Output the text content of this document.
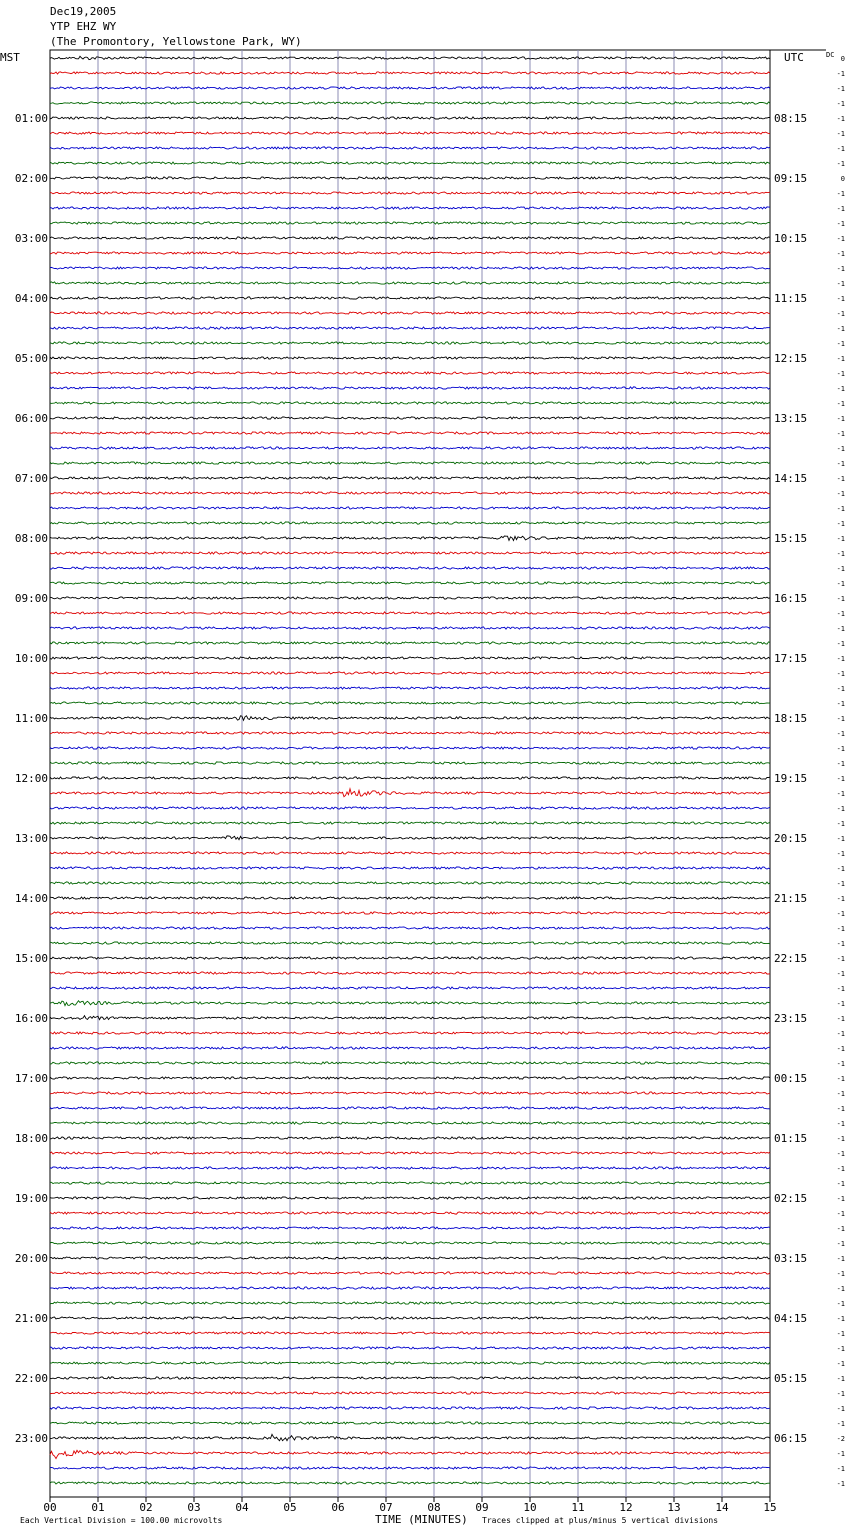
Dec19,2005
YTP EHZ WY
(The Promontory, Yellowstone Park, WY)
0
-1
-1
-1
-1
-1
-1
-1
0
-1
-1
-1
-1
-1
-1
-1
-1
-1
-1
-1
-1
-1
-1
-1
-1
-1
-1
-1
-1
-1
-1
-1
-1
-1
-1
-1
-1
-1
-1
-1
-1
-1
-1
-1
-1
-1
-1
-1
-1
-1
-1
-1
-1
-1
-1
-1
-1
-1
-1
-1
-1
-1
-1
-1
-1
-1
-1
-1
-1
-1
-1
-1
-1
-1
-1
-1
-1
-1
-1
-1
-1
-1
-1
-1
-1
-1
-1
-1
-1
-1
-1
-1
-2
-1
-1
-1
01:00	08:15
02:00	09:15
03:00	10:15
04:00	11:15
05:00	12:15
06:00	13:15
07:00	14:15
08:00	15:15
09:00	16:15
10:00	17:15
11:00	18:15
12:00	19:15
13:00	20:15
14:00	21:15
15:00	22:15
16:00	23:15
17:00	00:15
18:00	01:15
19:00	02:15
20:00	03:15
21:00	04:15
22:00	05:15
23:00	06:15
MST	UTC	DC
00	01	02	03	04	05	06	07	08	09	10	11	12	13	14	15
Each Vertical Division = 100.00 microvolts	TIME (MINUTES) Traces clipped at plus/minus 5 vertical divisions
